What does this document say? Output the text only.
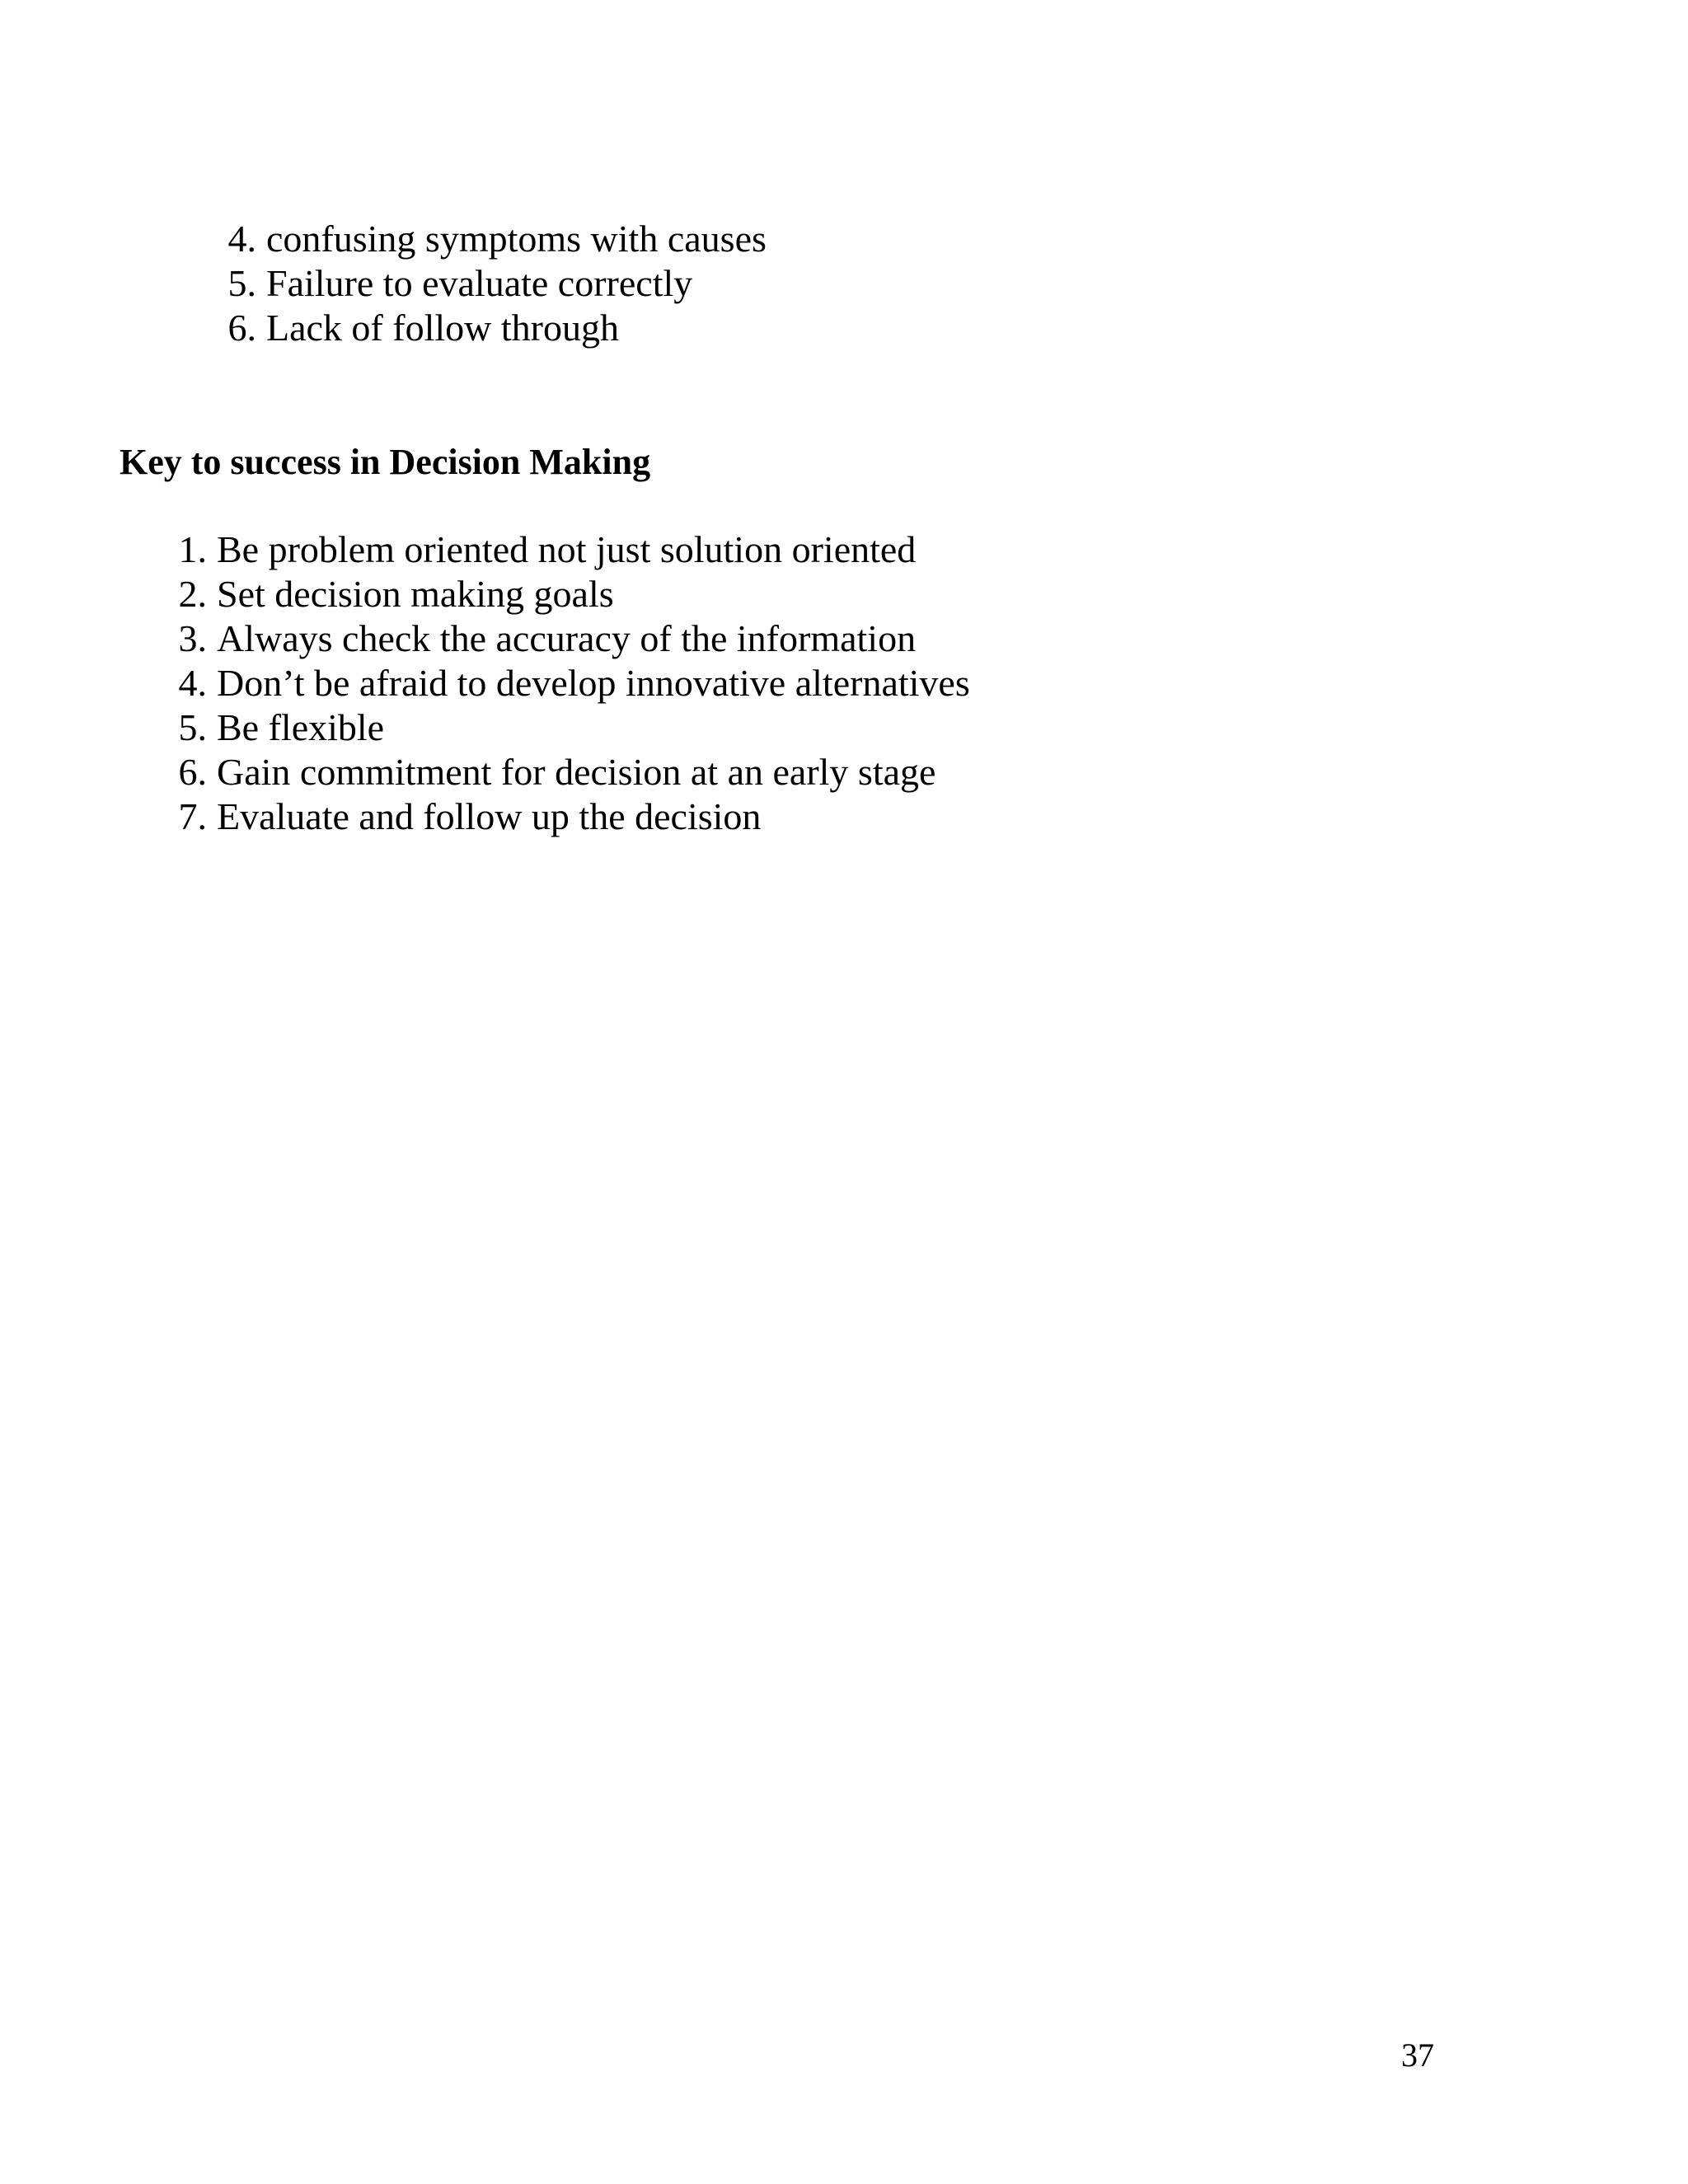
4. confusing symptoms with causes
5. Failure to evaluate correctly
6. Lack of follow through
Key to success in Decision Making
1. Be problem oriented not just solution oriented
2. Set decision making goals
3. Always check the accuracy of the information
4. Don’t be afraid to develop innovative alternatives
5. Be flexible
6. Gain commitment for decision at an early stage
7. Evaluate and follow up the decision
37
